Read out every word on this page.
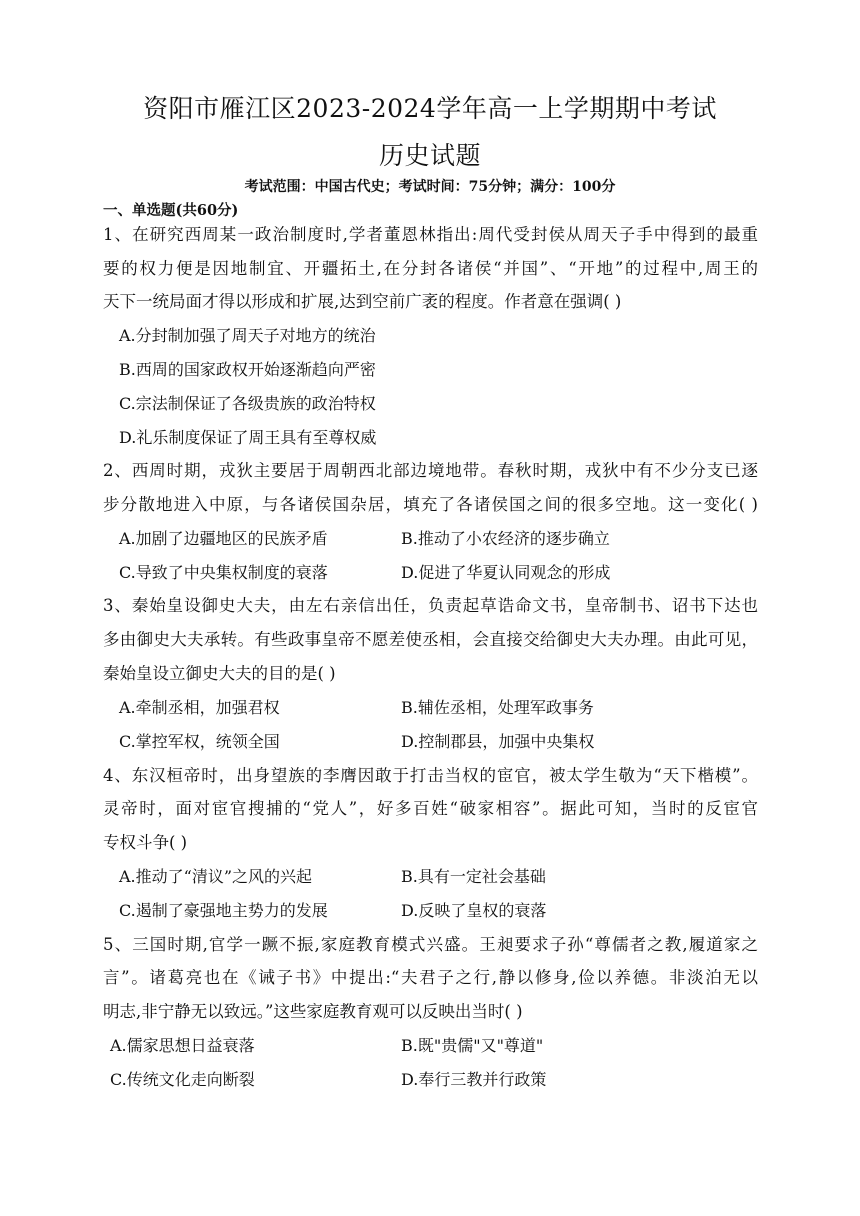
资阳市雁江区2023-2024学年高一上学期期中考试
历史试题
考试范围：中国古代史；考试时间：75分钟；满分：100分
一、单选题(共60分)
1、在研究西周某一政治制度时,学者董恩林指出:周代受封侯从周天子手中得到的最重
要的权力便是因地制宜、开疆拓土,在分封各诸侯“并国”、“开地”的过程中,周王的
天下一统局面才得以形成和扩展,达到空前广袤的程度。作者意在强调( )
A.分封制加强了周天子对地方的统治
B.西周的国家政权开始逐渐趋向严密
C.宗法制保证了各级贵族的政治特权
D.礼乐制度保证了周王具有至尊权威
2、西周时期，戎狄主要居于周朝西北部边境地带。春秋时期，戎狄中有不少分支已逐
步分散地进入中原，与各诸侯国杂居，填充了各诸侯国之间的很多空地。这一变化( )
A.加剧了边疆地区的民族矛盾	B.推动了小农经济的逐步确立
C.导致了中央集权制度的衰落	D.促进了华夏认同观念的形成
3、秦始皇设御史大夫，由左右亲信出任，负责起草诰命文书，皇帝制书、诏书下达也
多由御史大夫承转。有些政事皇帝不愿差使丞相，会直接交给御史大夫办理。由此可见，
秦始皇设立御史大夫的目的是( )
A.牵制丞相，加强君权	B.辅佐丞相，处理军政事务
C.掌控军权，统领全国	D.控制郡县，加强中央集权
4、东汉桓帝时，出身望族的李膺因敢于打击当权的宦官，被太学生敬为“天下楷模”。
灵帝时，面对宦官搜捕的“党人”，好多百姓“破家相容”。据此可知，当时的反宦官
专权斗争( )
A.推动了“清议”之风的兴起	B.具有一定社会基础
C.遏制了豪强地主势力的发展	D.反映了皇权的衰落
5、三国时期,官学一蹶不振,家庭教育模式兴盛。王昶要求子孙“尊儒者之教,履道家之
言”。诸葛亮也在《诫子书》中提出:“夫君子之行,静以修身,俭以养德。非淡泊无以
明志,非宁静无以致远。”这些家庭教育观可以反映出当时( )
A.儒家思想日益衰落	B.既"贵儒"又"尊道"
C.传统文化走向断裂	D.奉行三教并行政策
